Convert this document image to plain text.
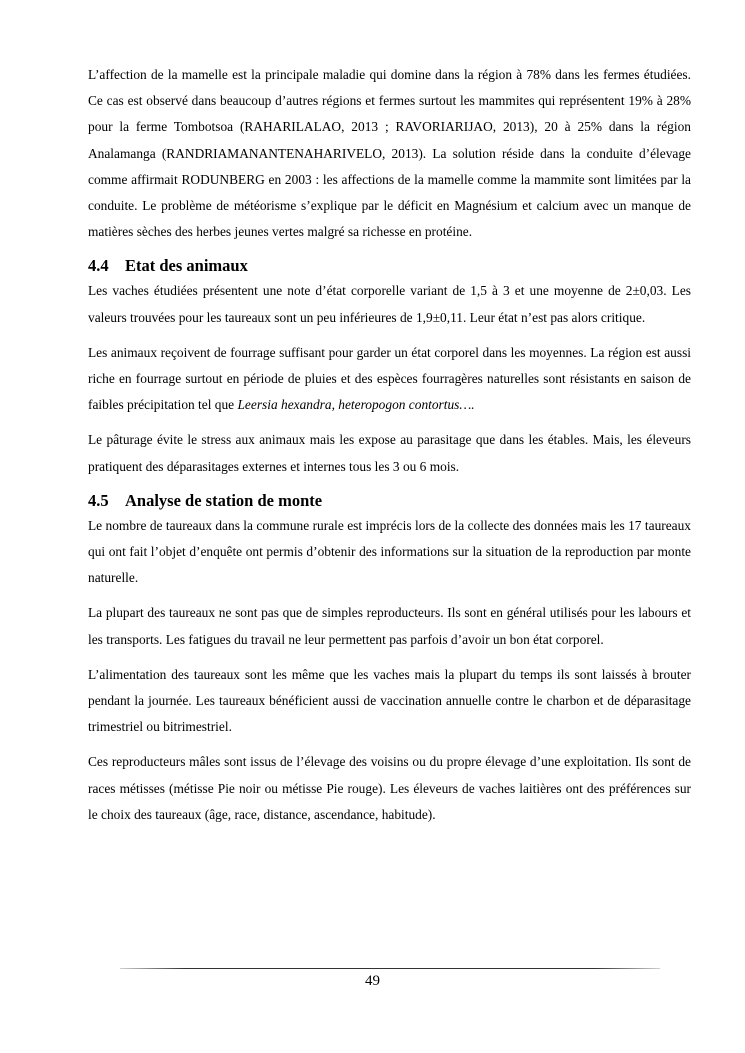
L’affection de la mamelle est la principale maladie qui domine dans la région à 78% dans les fermes étudiées. Ce cas est observé dans beaucoup d’autres régions et fermes surtout les mammites qui représentent 19% à 28% pour la ferme Tombotsoa (RAHARILALAO, 2013 ; RAVORIARIJAO, 2013), 20 à 25% dans la région Analamanga (RANDRIAMANANTENAHARIVELO, 2013). La solution réside dans la conduite d’élevage comme affirmait RODUNBERG en 2003 : les affections de la mamelle comme la mammite sont limitées par la conduite. Le problème de météorisme s’explique par le déficit en Magnésium et calcium avec un manque de matières sèches des herbes jeunes vertes malgré sa richesse en protéine.

4.4 Etat des animaux

Les vaches étudiées présentent une note d’état corporelle variant de 1,5 à 3 et une moyenne de 2±0,03. Les valeurs trouvées pour les taureaux sont un peu inférieures de 1,9±0,11. Leur état n’est pas alors critique.

Les animaux reçoivent de fourrage suffisant pour garder un état corporel dans les moyennes. La région est aussi riche en fourrage surtout en période de pluies et des espèces fourragères naturelles sont résistants en saison de faibles précipitation tel que Leersia hexandra, heteropogon contortus….

Le pâturage évite le stress aux animaux mais les expose au parasitage que dans les étables. Mais, les éleveurs pratiquent des déparasitages externes et internes tous les 3 ou 6 mois.

4.5 Analyse de station de monte

Le nombre de taureaux dans la commune rurale est imprécis lors de la collecte des données mais les 17 taureaux qui ont fait l’objet d’enquête ont permis d’obtenir des informations sur la situation de la reproduction par monte naturelle.

La plupart des taureaux ne sont pas que de simples reproducteurs. Ils sont en général utilisés pour les labours et les transports. Les fatigues du travail ne leur permettent pas parfois d’avoir un bon état corporel.

L’alimentation des taureaux sont les même que les vaches mais la plupart du temps ils sont laissés à brouter pendant la journée. Les taureaux bénéficient aussi de vaccination annuelle contre le charbon et de déparasitage trimestriel ou bitrimestriel.

Ces reproducteurs mâles sont issus de l’élevage des voisins ou du propre élevage d’une exploitation. Ils sont de races métisses (métisse Pie noir ou métisse Pie rouge). Les éleveurs de vaches laitières ont des préférences sur le choix des taureaux (âge, race, distance, ascendance, habitude).

49
